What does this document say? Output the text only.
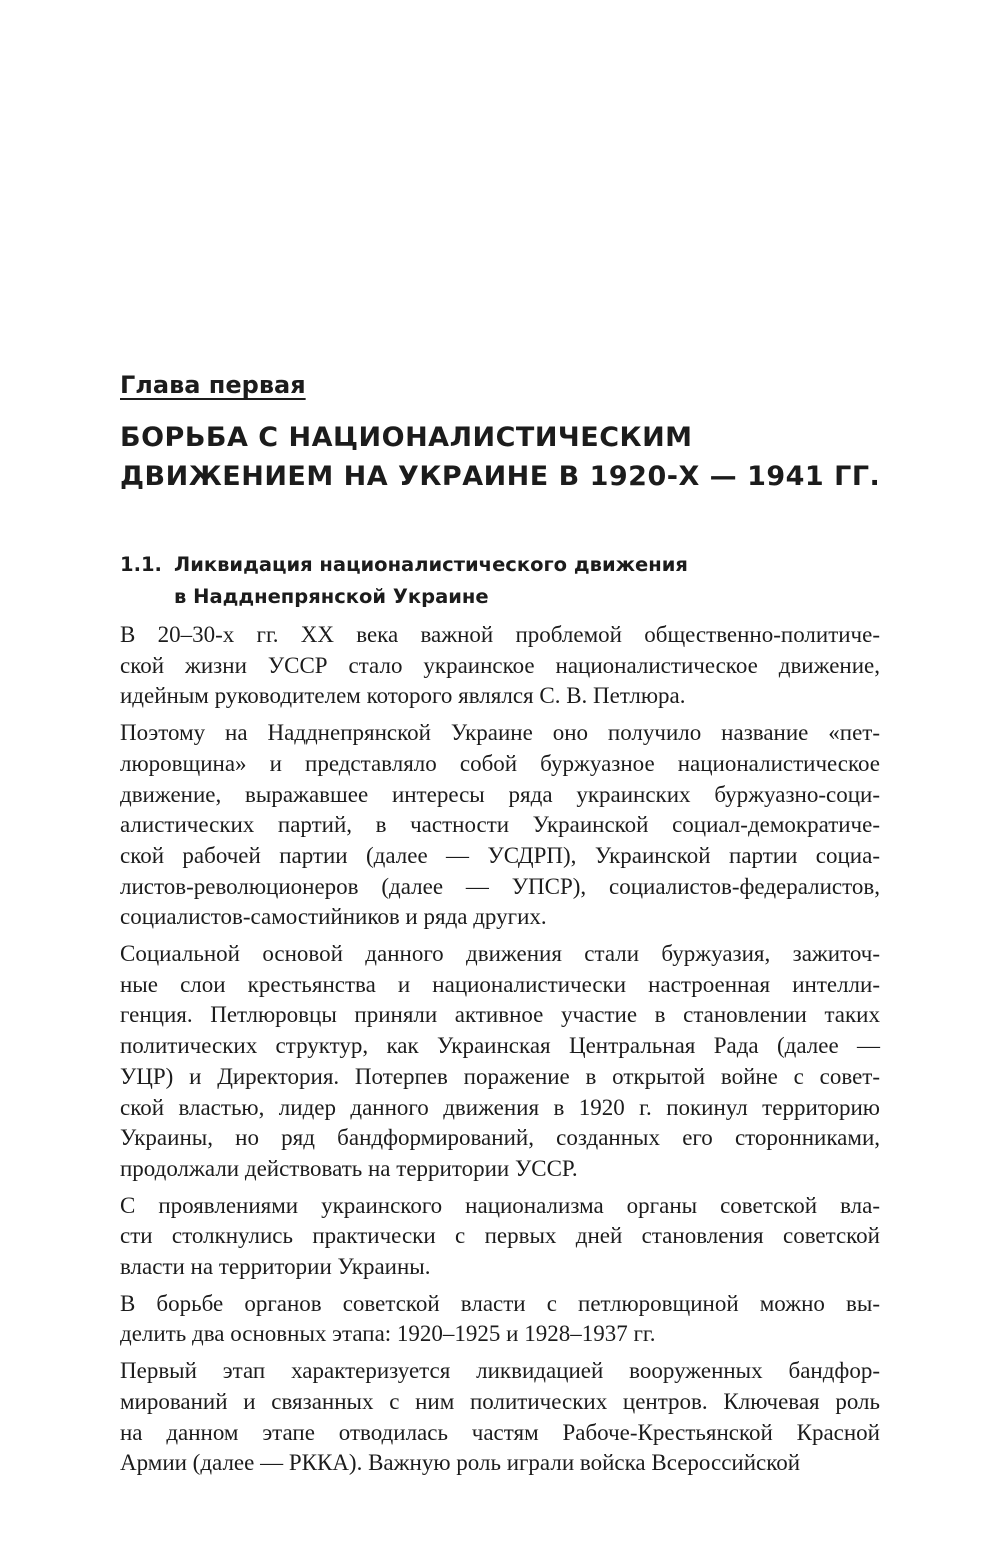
Глава первая
БОРЬБА С НАЦИОНАЛИСТИЧЕСКИМ
ДВИЖЕНИЕМ НА УКРАИНЕ В 1920-Х — 1941 ГГ.
1.1. Ликвидация националистического движения
в Надднепрянской Украине

В 20–30-х гг. XX века важной проблемой общественно-политиче-
ской жизни УССР стало украинское националистическое движение,
идейным руководителем которого являлся С. В. Петлюра.

Поэтому на Надднепрянской Украине оно получило название «пет-
люровщина» и представляло собой буржуазное националистическое
движение, выражавшее интересы ряда украинских буржуазно-соци-
алистических партий, в частности Украинской социал-демократиче-
ской рабочей партии (далее — УСДРП), Украинской партии социа-
листов-революционеров (далее — УПСР), социалистов-федералистов,
социалистов-самостийников и ряда других.

Социальной основой данного движения стали буржуазия, зажиточ-
ные слои крестьянства и националистически настроенная интелли-
генция. Петлюровцы приняли активное участие в становлении таких
политических структур, как Украинская Центральная Рада (далее —
УЦР) и Директория. Потерпев поражение в открытой войне с совет-
ской властью, лидер данного движения в 1920 г. покинул территорию
Украины, но ряд бандформирований, созданных его сторонниками,
продолжали действовать на территории УССР.

С проявлениями украинского национализма органы советской вла-
сти столкнулись практически с первых дней становления советской
власти на территории Украины.

В борьбе органов советской власти с петлюровщиной можно вы-
делить два основных этапа: 1920–1925 и 1928–1937 гг.

Первый этап характеризуется ликвидацией вооруженных бандфор-
мирований и связанных с ним политических центров. Ключевая роль
на данном этапе отводилась частям Рабоче-Крестьянской Красной
Армии (далее — РККА). Важную роль играли войска Всероссийской
